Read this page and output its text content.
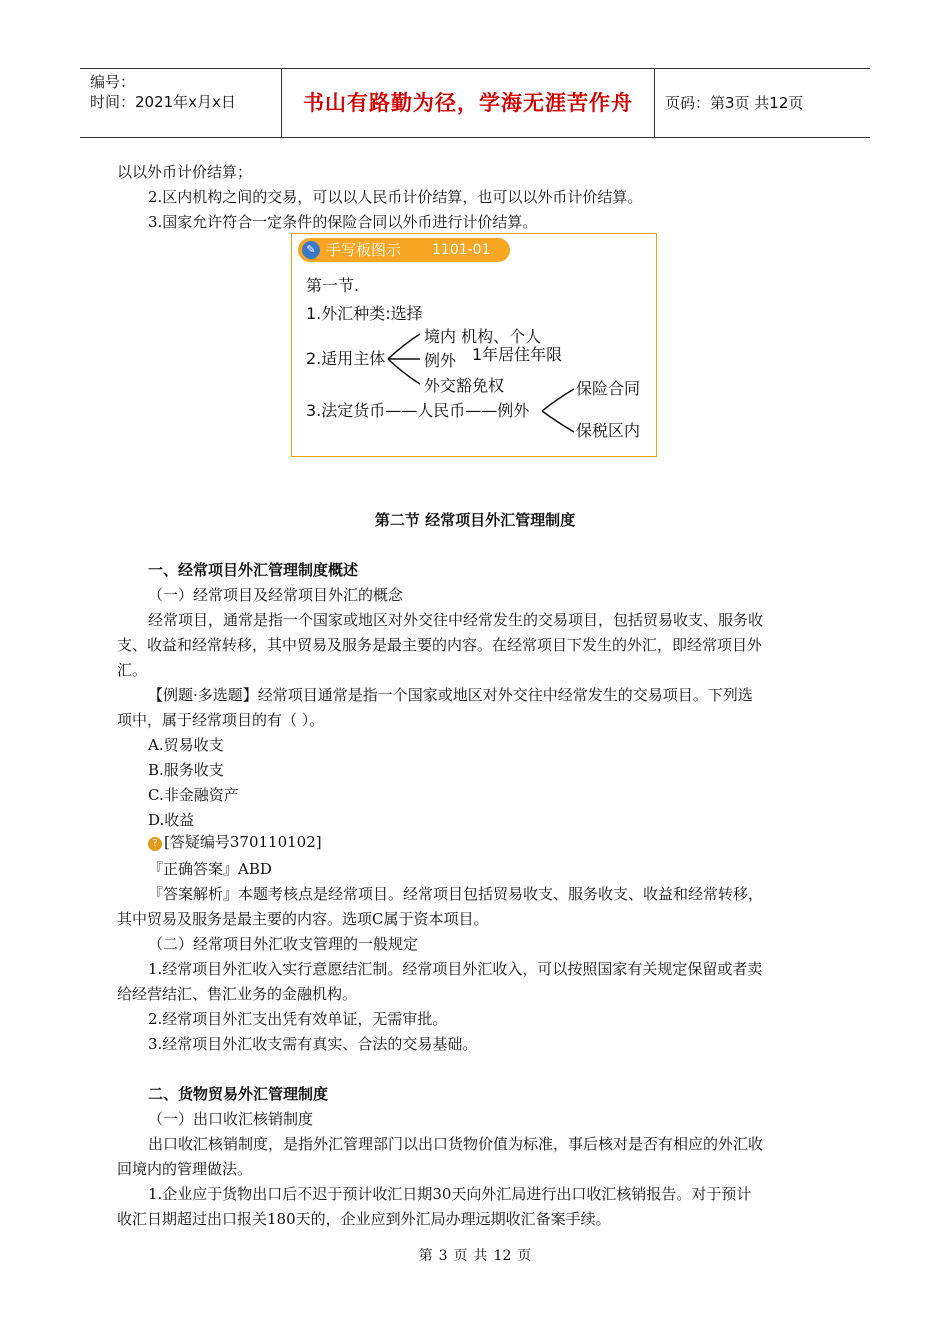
编号：
时间：2021年x月x日	书山有路勤为径，学海无涯苦作舟	页码：第3页 共12页
以以外币计价结算；
2.区内机构之间的交易，可以以人民币计价结算，也可以以外币计价结算。
3.国家允许符合一定条件的保险合同以外币进行计价结算。
✎ 手写板图示 1101-01
第一节.
1.外汇种类:选择
境内 机构、个人
2.适用主体 例外 1年居住年限
外交豁免权
3.法定货币——人民币——例外
保险合同
保税区内
第二节 经常项目外汇管理制度
一、经常项目外汇管理制度概述
（一）经常项目及经常项目外汇的概念
经常项目，通常是指一个国家或地区对外交往中经常发生的交易项目，包括贸易收支、服务收
支、收益和经常转移，其中贸易及服务是最主要的内容。在经常项目下发生的外汇，即经常项目外
汇。
【例题·多选题】经常项目通常是指一个国家或地区对外交往中经常发生的交易项目。下列选
项中，属于经常项目的有（ ）。
A.贸易收支
B.服务收支
C.非金融资产
D.收益
? [答疑编号370110102]
『正确答案』ABD
『答案解析』本题考核点是经常项目。经常项目包括贸易收支、服务收支、收益和经常转移，
其中贸易及服务是最主要的内容。选项C属于资本项目。
（二）经常项目外汇收支管理的一般规定
1.经常项目外汇收入实行意愿结汇制。经常项目外汇收入，可以按照国家有关规定保留或者卖
给经营结汇、售汇业务的金融机构。
2.经常项目外汇支出凭有效单证，无需审批。
3.经常项目外汇收支需有真实、合法的交易基础。
二、货物贸易外汇管理制度
（一）出口收汇核销制度
出口收汇核销制度，是指外汇管理部门以出口货物价值为标准，事后核对是否有相应的外汇收
回境内的管理做法。
1.企业应于货物出口后不迟于预计收汇日期30天向外汇局进行出口收汇核销报告。对于预计
收汇日期超过出口报关180天的，企业应到外汇局办理远期收汇备案手续。
第 3 页 共 12 页
